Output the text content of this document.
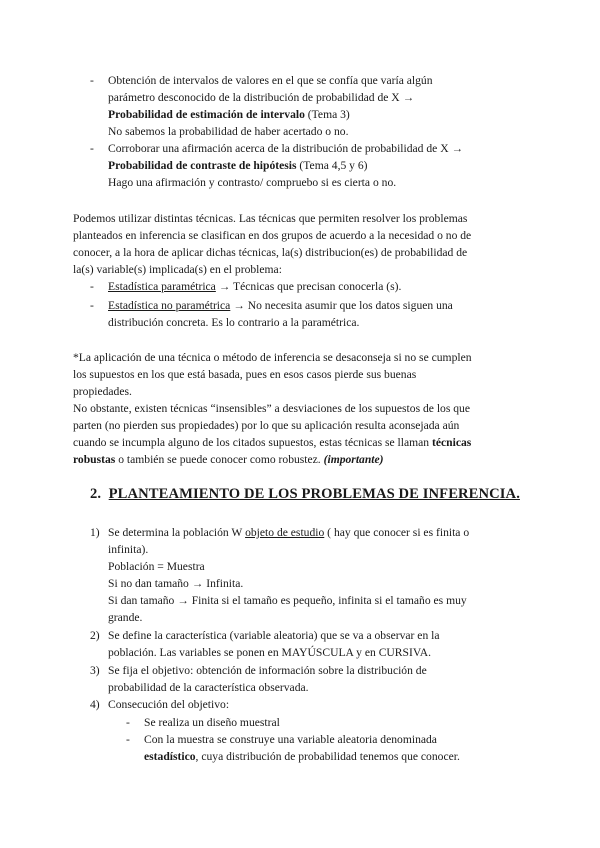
- Obtención de intervalos de valores en el que se confía que varía algún
parámetro desconocido de la distribución de probabilidad de X →
Probabilidad de estimación de intervalo (Tema 3)
No sabemos la probabilidad de haber acertado o no.
- Corroborar una afirmación acerca de la distribución de probabilidad de X →
Probabilidad de contraste de hipótesis (Tema 4,5 y 6)
Hago una afirmación y contrasto/ compruebo si es cierta o no.
Podemos utilizar distintas técnicas. Las técnicas que permiten resolver los problemas
planteados en inferencia se clasifican en dos grupos de acuerdo a la necesidad o no de
conocer, a la hora de aplicar dichas técnicas, la(s) distribucion(es) de probabilidad de
la(s) variable(s) implicada(s) en el problema:
- Estadística paramétrica → Técnicas que precisan conocerla (s).
- Estadística no paramétrica → No necesita asumir que los datos siguen una
distribución concreta. Es lo contrario a la paramétrica.
*La aplicación de una técnica o método de inferencia se desaconseja si no se cumplen
los supuestos en los que está basada, pues en esos casos pierde sus buenas
propiedades.
No obstante, existen técnicas “insensibles” a desviaciones de los supuestos de los que
parten (no pierden sus propiedades) por lo que su aplicación resulta aconsejada aún
cuando se incumpla alguno de los citados supuestos, estas técnicas se llaman técnicas
robustas o también se puede conocer como robustez. (importante)
2. PLANTEAMIENTO DE LOS PROBLEMAS DE INFERENCIA.
1) Se determina la población W objeto de estudio ( hay que conocer si es finita o
infinita).
Población = Muestra
Si no dan tamaño → Infinita.
Si dan tamaño → Finita si el tamaño es pequeño, infinita si el tamaño es muy
grande.
2) Se define la característica (variable aleatoria) que se va a observar en la
población. Las variables se ponen en MAYÚSCULA y en CURSIVA.
3) Se fija el objetivo: obtención de información sobre la distribución de
probabilidad de la característica observada.
4) Consecución del objetivo:
- Se realiza un diseño muestral
- Con la muestra se construye una variable aleatoria denominada
estadístico, cuya distribución de probabilidad tenemos que conocer.
